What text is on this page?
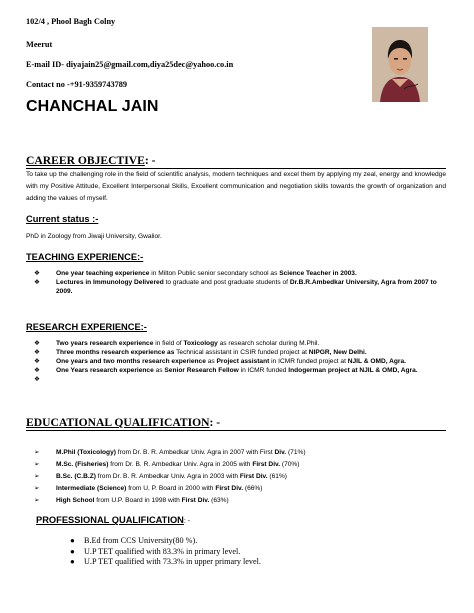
102/4 , Phool Bagh Colny
Meerut
E-mail ID- diyajain25@gmail.com,diya25dec@yahoo.co.in
Contact no -+91-9359743789
CHANCHAL JAIN
CAREER OBJECTIVE: -

To take up the challenging role in the field of scientific analysis, modern techniques and excel them by applying my zeal, energy and knowledge with my Positive Attitude, Excellent Interpersonal Skills, Excellent communication and negotiation skills towards the growth of organization and adding the values of myself.

Current status :-

PhD in Zoology from Jiwaji University, Gwalior.

TEACHING EXPERIENCE:-
❖ One year teaching experience in Milton Public senior secondary school as Science Teacher in 2003.
❖ Lectures in Immunology Delivered to graduate and post graduate students of Dr.B.R.Ambedkar University, Agra from 2007 to 2009.
RESEARCH EXPERIENCE:-
❖ Two years research experience in field of Toxicology as research scholar during M.Phil.
❖ Three months research experience as Technical assistant in CSIR funded project at NIPGR, New Delhi.
❖ One years and two months research experience as Project assistant in ICMR funded project at NJIL & OMD, Agra.
❖ One Years research experience as Senior Research Fellow in ICMR funded Indogerman project at NJIL & OMD, Agra.
❖

EDUCATIONAL QUALIFICATION: -
➢ M.Phil (Toxicology) from Dr. B. R. Ambedkar Univ. Agra in 2007 with First Div. (71%)
➢ M.Sc. (Fisheries) from Dr. B. R. Ambedkar Univ. Agra in 2005 with First Div. (70%)
➢ B.Sc. (C.B.Z) from Dr. B. R. Ambedkar Univ. Agra in 2003 with First Div. (61%)
➢ Intermediate (Science) from U. P. Board in 2000 with First Div. (66%)
➢ High School from U.P. Board in 1998 with First Div. (63%)
PROFESSIONAL QUALIFICATION: -
● B.Ed from CCS University(80 %).
● U.P TET qualified with 83.3% in primary level.
● U.P TET qualified with 73.3% in upper primary level.
